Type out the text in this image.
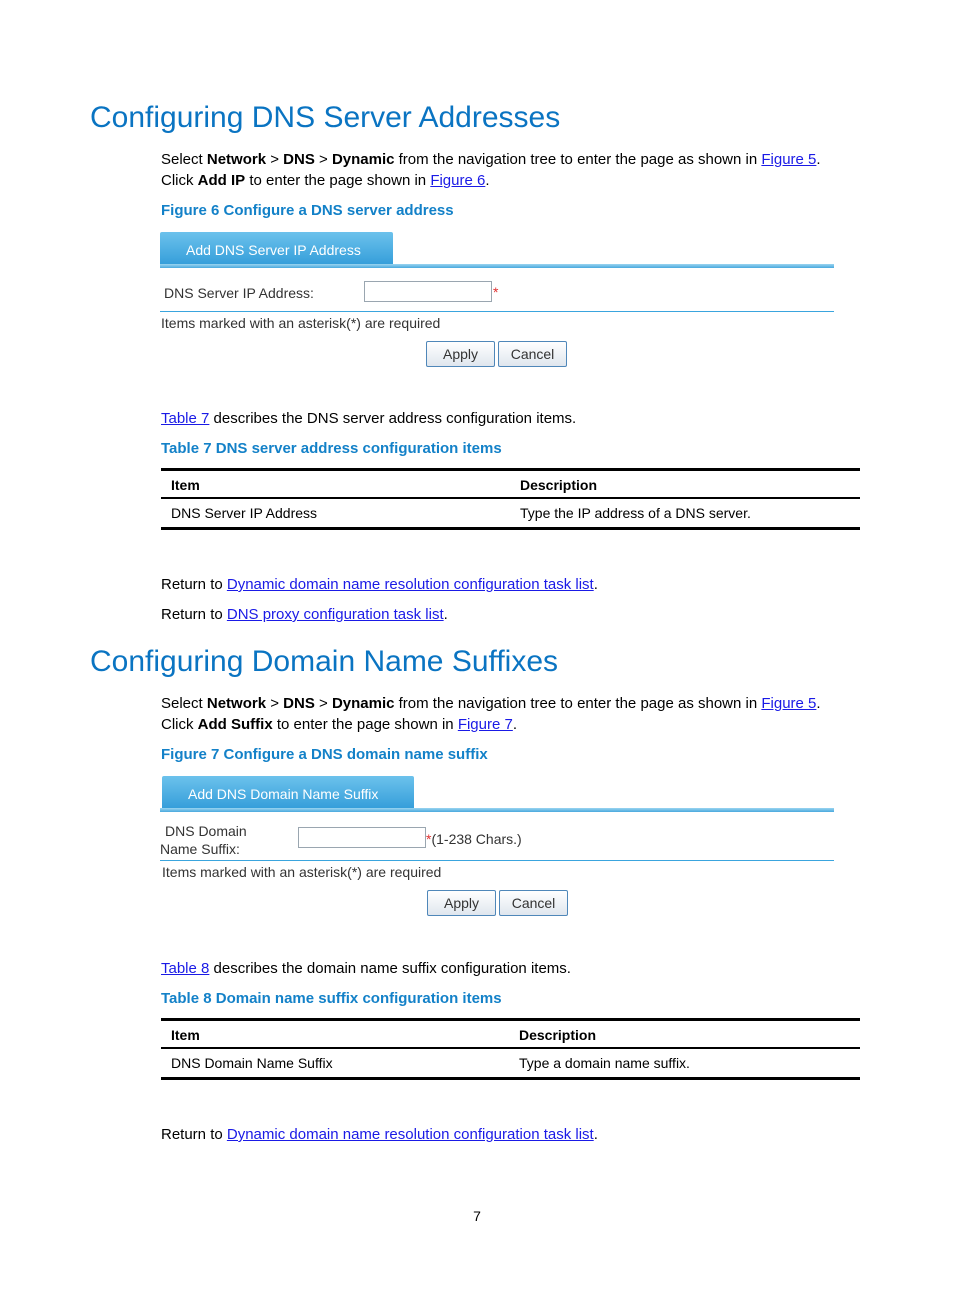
Configuring DNS Server Addresses
Select Network > DNS > Dynamic from the navigation tree to enter the page as shown in Figure 5.
Click Add IP to enter the page shown in Figure 6.
Figure 6 Configure a DNS server address
Add DNS Server IP Address
DNS Server IP Address:	*
Items marked with an asterisk(*) are required
Apply	Cancel
Table 7 describes the DNS server address configuration items.
Table 7 DNS server address configuration items
Item	Description
DNS Server IP Address	Type the IP address of a DNS server.
Return to Dynamic domain name resolution configuration task list.
Return to DNS proxy configuration task list.
Configuring Domain Name Suffixes
Select Network > DNS > Dynamic from the navigation tree to enter the page as shown in Figure 5.
Click Add Suffix to enter the page shown in Figure 7.
Figure 7 Configure a DNS domain name suffix
Add DNS Domain Name Suffix
DNS Domain
Name Suffix:
*(1-238 Chars.)
Items marked with an asterisk(*) are required
Apply	Cancel
Table 8 describes the domain name suffix configuration items.
Table 8 Domain name suffix configuration items
Item	Description
DNS Domain Name Suffix	Type a domain name suffix.
Return to Dynamic domain name resolution configuration task list.
7
